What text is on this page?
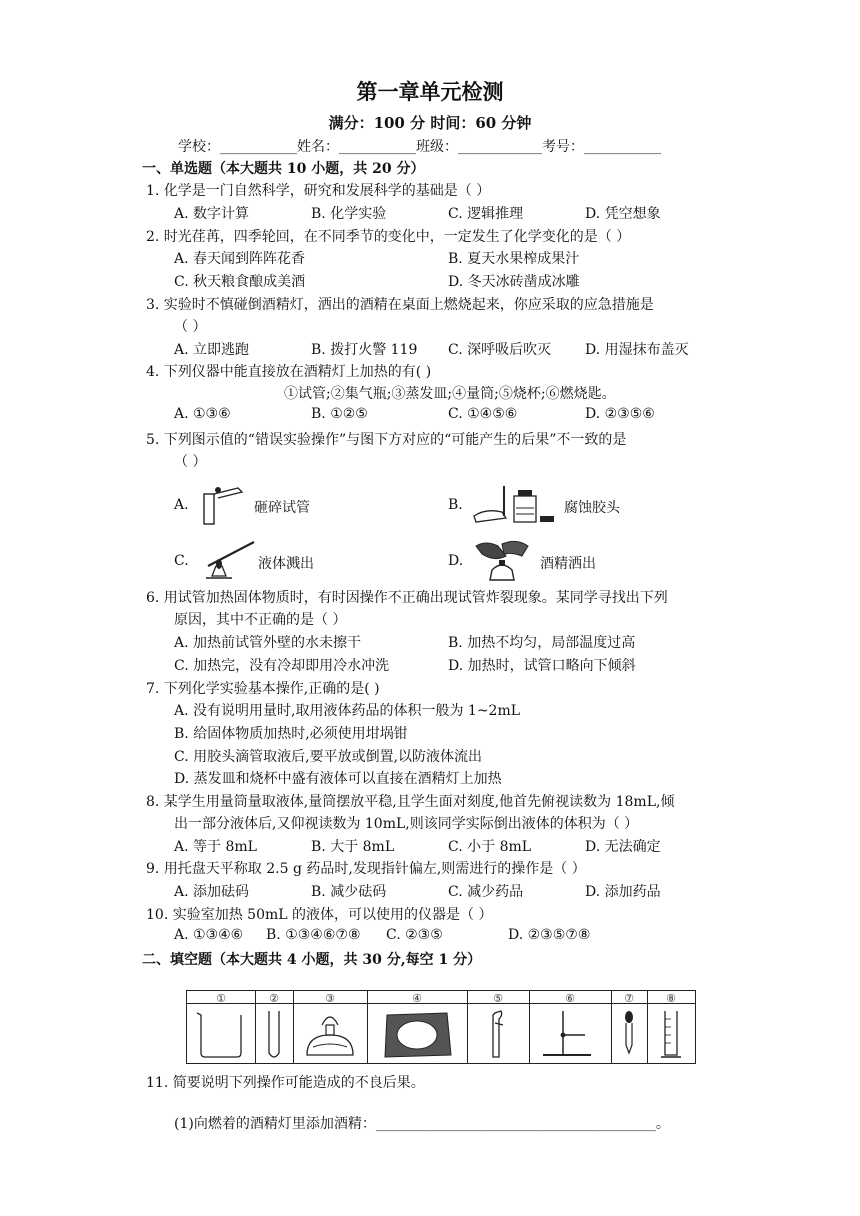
第一章单元检测
满分：100 分 时间：60 分钟
学校：___________姓名：___________班级：____________考号：___________
一、单选题（本大题共 10 小题，共 20 分）
1. 化学是一门自然科学，研究和发展科学的基础是（ ）
A. 数字计算	B. 化学实验	C. 逻辑推理	D. 凭空想象
2. 时光荏苒，四季轮回，在不同季节的变化中，一定发生了化学变化的是（ ）
A. 春天闻到阵阵花香	B. 夏天水果榨成果汁
C. 秋天粮食酿成美酒	D. 冬天冰砖凿成冰雕
3. 实验时不慎碰倒酒精灯，洒出的酒精在桌面上燃烧起来，你应采取的应急措施是
（ ）
A. 立即逃跑	B. 拨打火警 119 C. 深呼吸后吹灭 D. 用湿抹布盖灭
4. 下列仪器中能直接放在酒精灯上加热的有( )
①试管;②集气瓶;③蒸发皿;④量筒;⑤烧杯;⑥燃烧匙。
A. ①③⑥	B. ①②⑤	C. ①④⑤⑥	D. ②③⑤⑥
5. 下列图示值的“错误实验操作”与图下方对应的“可能产生的后果”不一致的是
（ ）
A.	砸碎试管	B.	腐蚀胶头
C.	液体溅出	D.	酒精洒出
6. 用试管加热固体物质时，有时因操作不正确出现试管炸裂现象。某同学寻找出下列
原因，其中不正确的是（ ）
A. 加热前试管外壁的水未擦干	B. 加热不均匀，局部温度过高
C. 加热完，没有冷却即用冷水冲洗	D. 加热时，试管口略向下倾斜
7. 下列化学实验基本操作,正确的是( )
A. 没有说明用量时,取用液体药品的体积一般为 1~2mL
B. 给固体物质加热时,必须使用坩埚钳
C. 用胶头滴管取液后,要平放或倒置,以防液体流出
D. 蒸发皿和烧杯中盛有液体可以直接在酒精灯上加热
8. 某学生用量筒量取液体,量筒摆放平稳,且学生面对刻度,他首先俯视读数为 18mL,倾
出一部分液体后,又仰视读数为 10mL,则该同学实际倒出液体的体积为（ ）
A. 等于 8mL	B. 大于 8mL	C. 小于 8mL	D. 无法确定
9. 用托盘天平称取 2.5 g 药品时,发现指针偏左,则需进行的操作是（ ）
A. 添加砝码	B. 减少砝码	C. 减少药品	D. 添加药品
10. 实验室加热 50mL 的液体，可以使用的仪器是（ ）
A. ①③④⑥ B. ①③④⑥⑦⑧ C. ②③⑤	D. ②③⑤⑦⑧
二、填空题（本大题共 4 小题，共 30 分,每空 1 分）
①	②	③	④	⑤	⑥	⑦	⑧
11. 简要说明下列操作可能造成的不良后果。
(1)向燃着的酒精灯里添加酒精：________________________________________。
